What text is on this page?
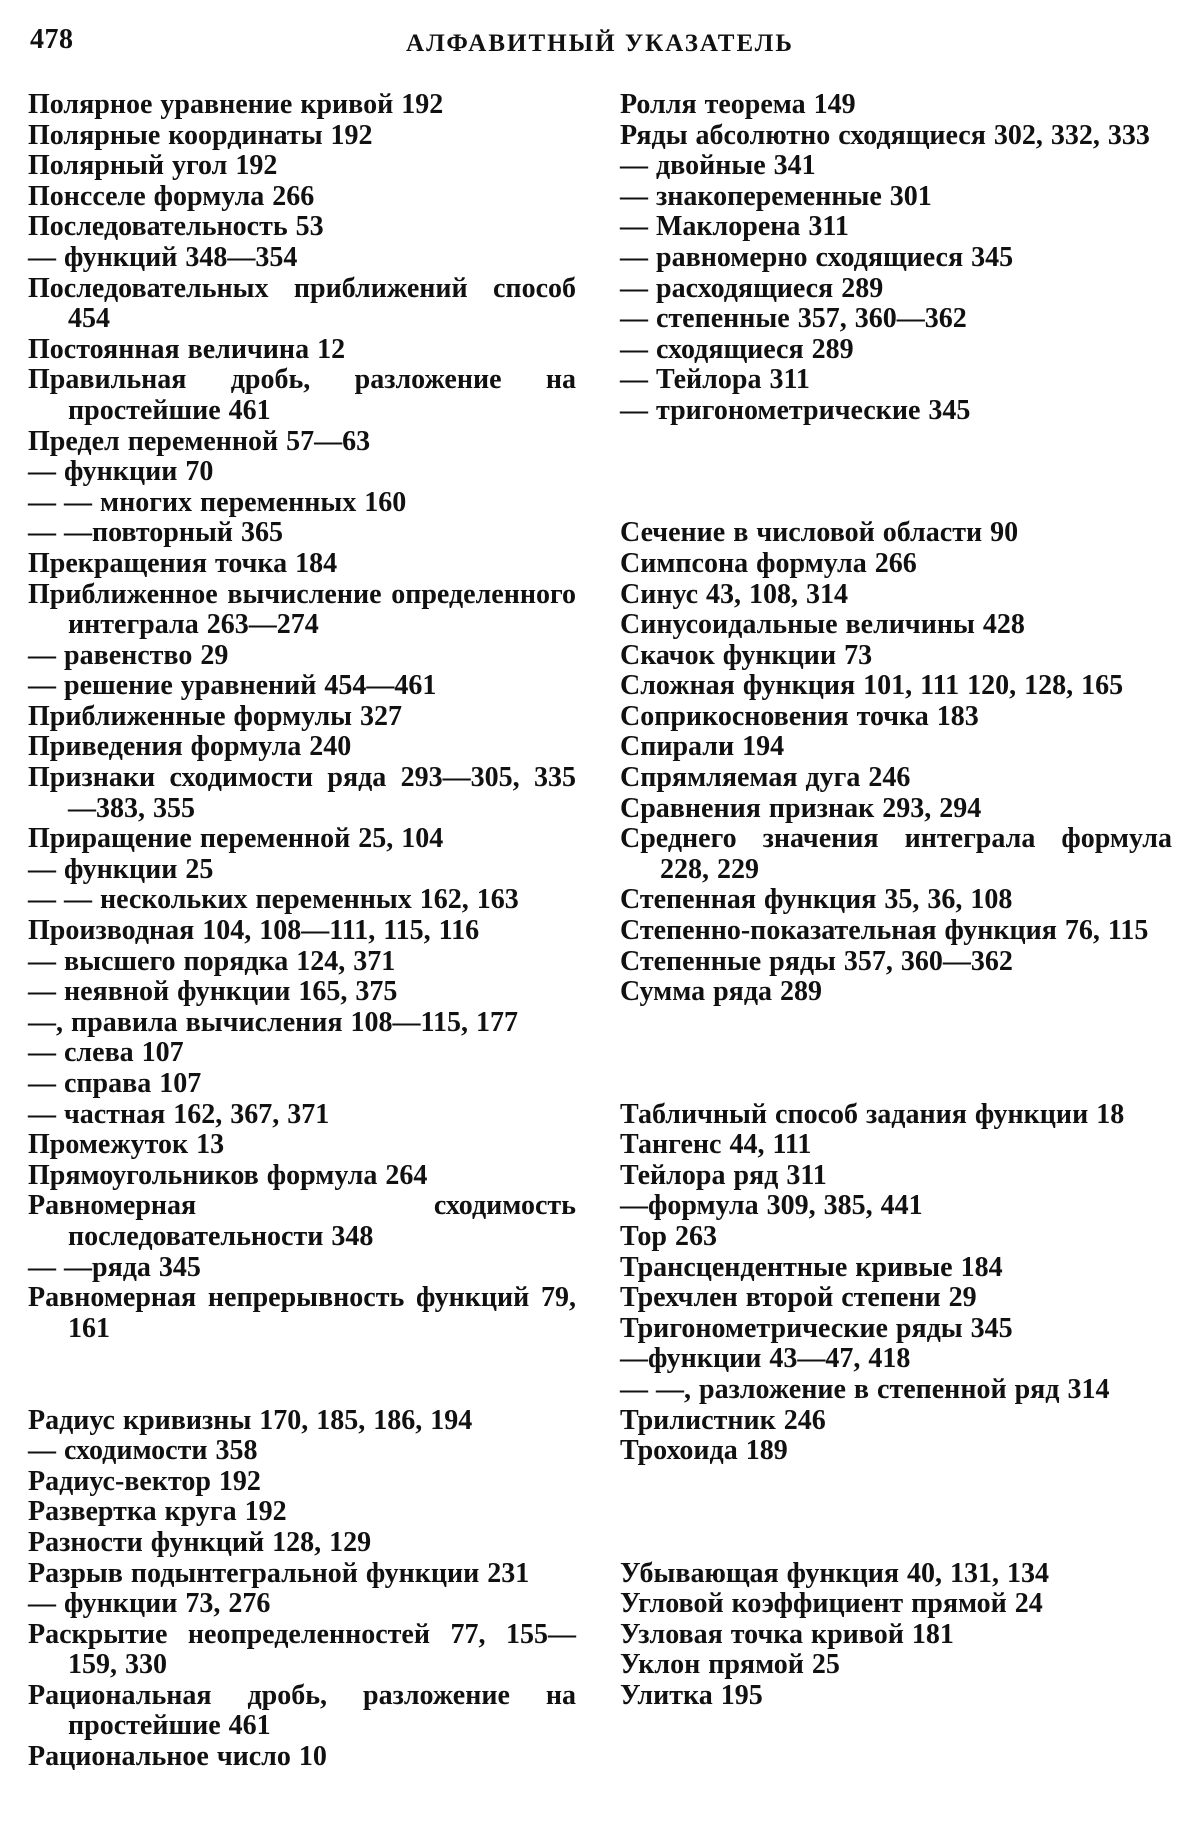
478	АЛФАВИТНЫЙ УКАЗАТЕЛЬ
Полярное уравнение кривой 192
Полярные координаты 192
Полярный угол 192
Понсселе формула 266
Последовательность 53
— функций 348—354
Последовательных приближений способ 454
Постоянная величина 12
Правильная дробь, разложение на простейшие 461
Предел переменной 57—63
— функции 70
— — многих переменных 160
— —повторный 365
Прекращения точка 184
Приближенное вычисление определенного интеграла 263—274
— равенство 29
— решение уравнений 454—461
Приближенные формулы 327
Приведения формула 240
Признаки сходимости ряда 293—305, 335—383, 355
Приращение переменной 25, 104
— функции 25
— — нескольких переменных 162, 163
Производная 104, 108—111, 115, 116
— высшего порядка 124, 371
— неявной функции 165, 375
—, правила вычисления 108—115, 177
— слева 107
— справа 107
— частная 162, 367, 371
Промежуток 13
Прямоугольников формула 264
Равномерная сходимость последовательности 348
— —ряда 345
Равномерная непрерывность функций 79, 161
Радиус кривизны 170, 185, 186, 194
— сходимости 358
Радиус-вектор 192
Развертка круга 192
Разности функций 128, 129
Разрыв подынтегральной функции 231
— функции 73, 276
Раскрытие неопределенностей 77, 155—159, 330
Рациональная дробь, разложение на простейшие 461
Рациональное число 10
Ролля теорема 149
Ряды абсолютно сходящиеся 302, 332, 333
— двойные 341
— знакопеременные 301
— Маклорена 311
— равномерно сходящиеся 345
— расходящиеся 289
— степенные 357, 360—362
— сходящиеся 289
— Тейлора 311
— тригонометрические 345
Сечение в числовой области 90
Симпсона формула 266
Синус 43, 108, 314
Синусоидальные величины 428
Скачок функции 73
Сложная функция 101, 111 120, 128, 165
Соприкосновения точка 183
Спирали 194
Спрямляемая дуга 246
Сравнения признак 293, 294
Среднего значения интеграла формула 228, 229
Степенная функция 35, 36, 108
Степенно-показательная функция 76, 115
Степенные ряды 357, 360—362
Сумма ряда 289
Табличный способ задания функции 18
Тангенс 44, 111
Тейлора ряд 311
—формула 309, 385, 441
Тор 263
Трансцендентные кривые 184
Трехчлен второй степени 29
Тригонометрические ряды 345
—функции 43—47, 418
— —, разложение в степенной ряд 314
Трилистник 246
Трохоида 189
Убывающая функция 40, 131, 134
Угловой коэффициент прямой 24
Узловая точка кривой 181
Уклон прямой 25
Улитка 195
